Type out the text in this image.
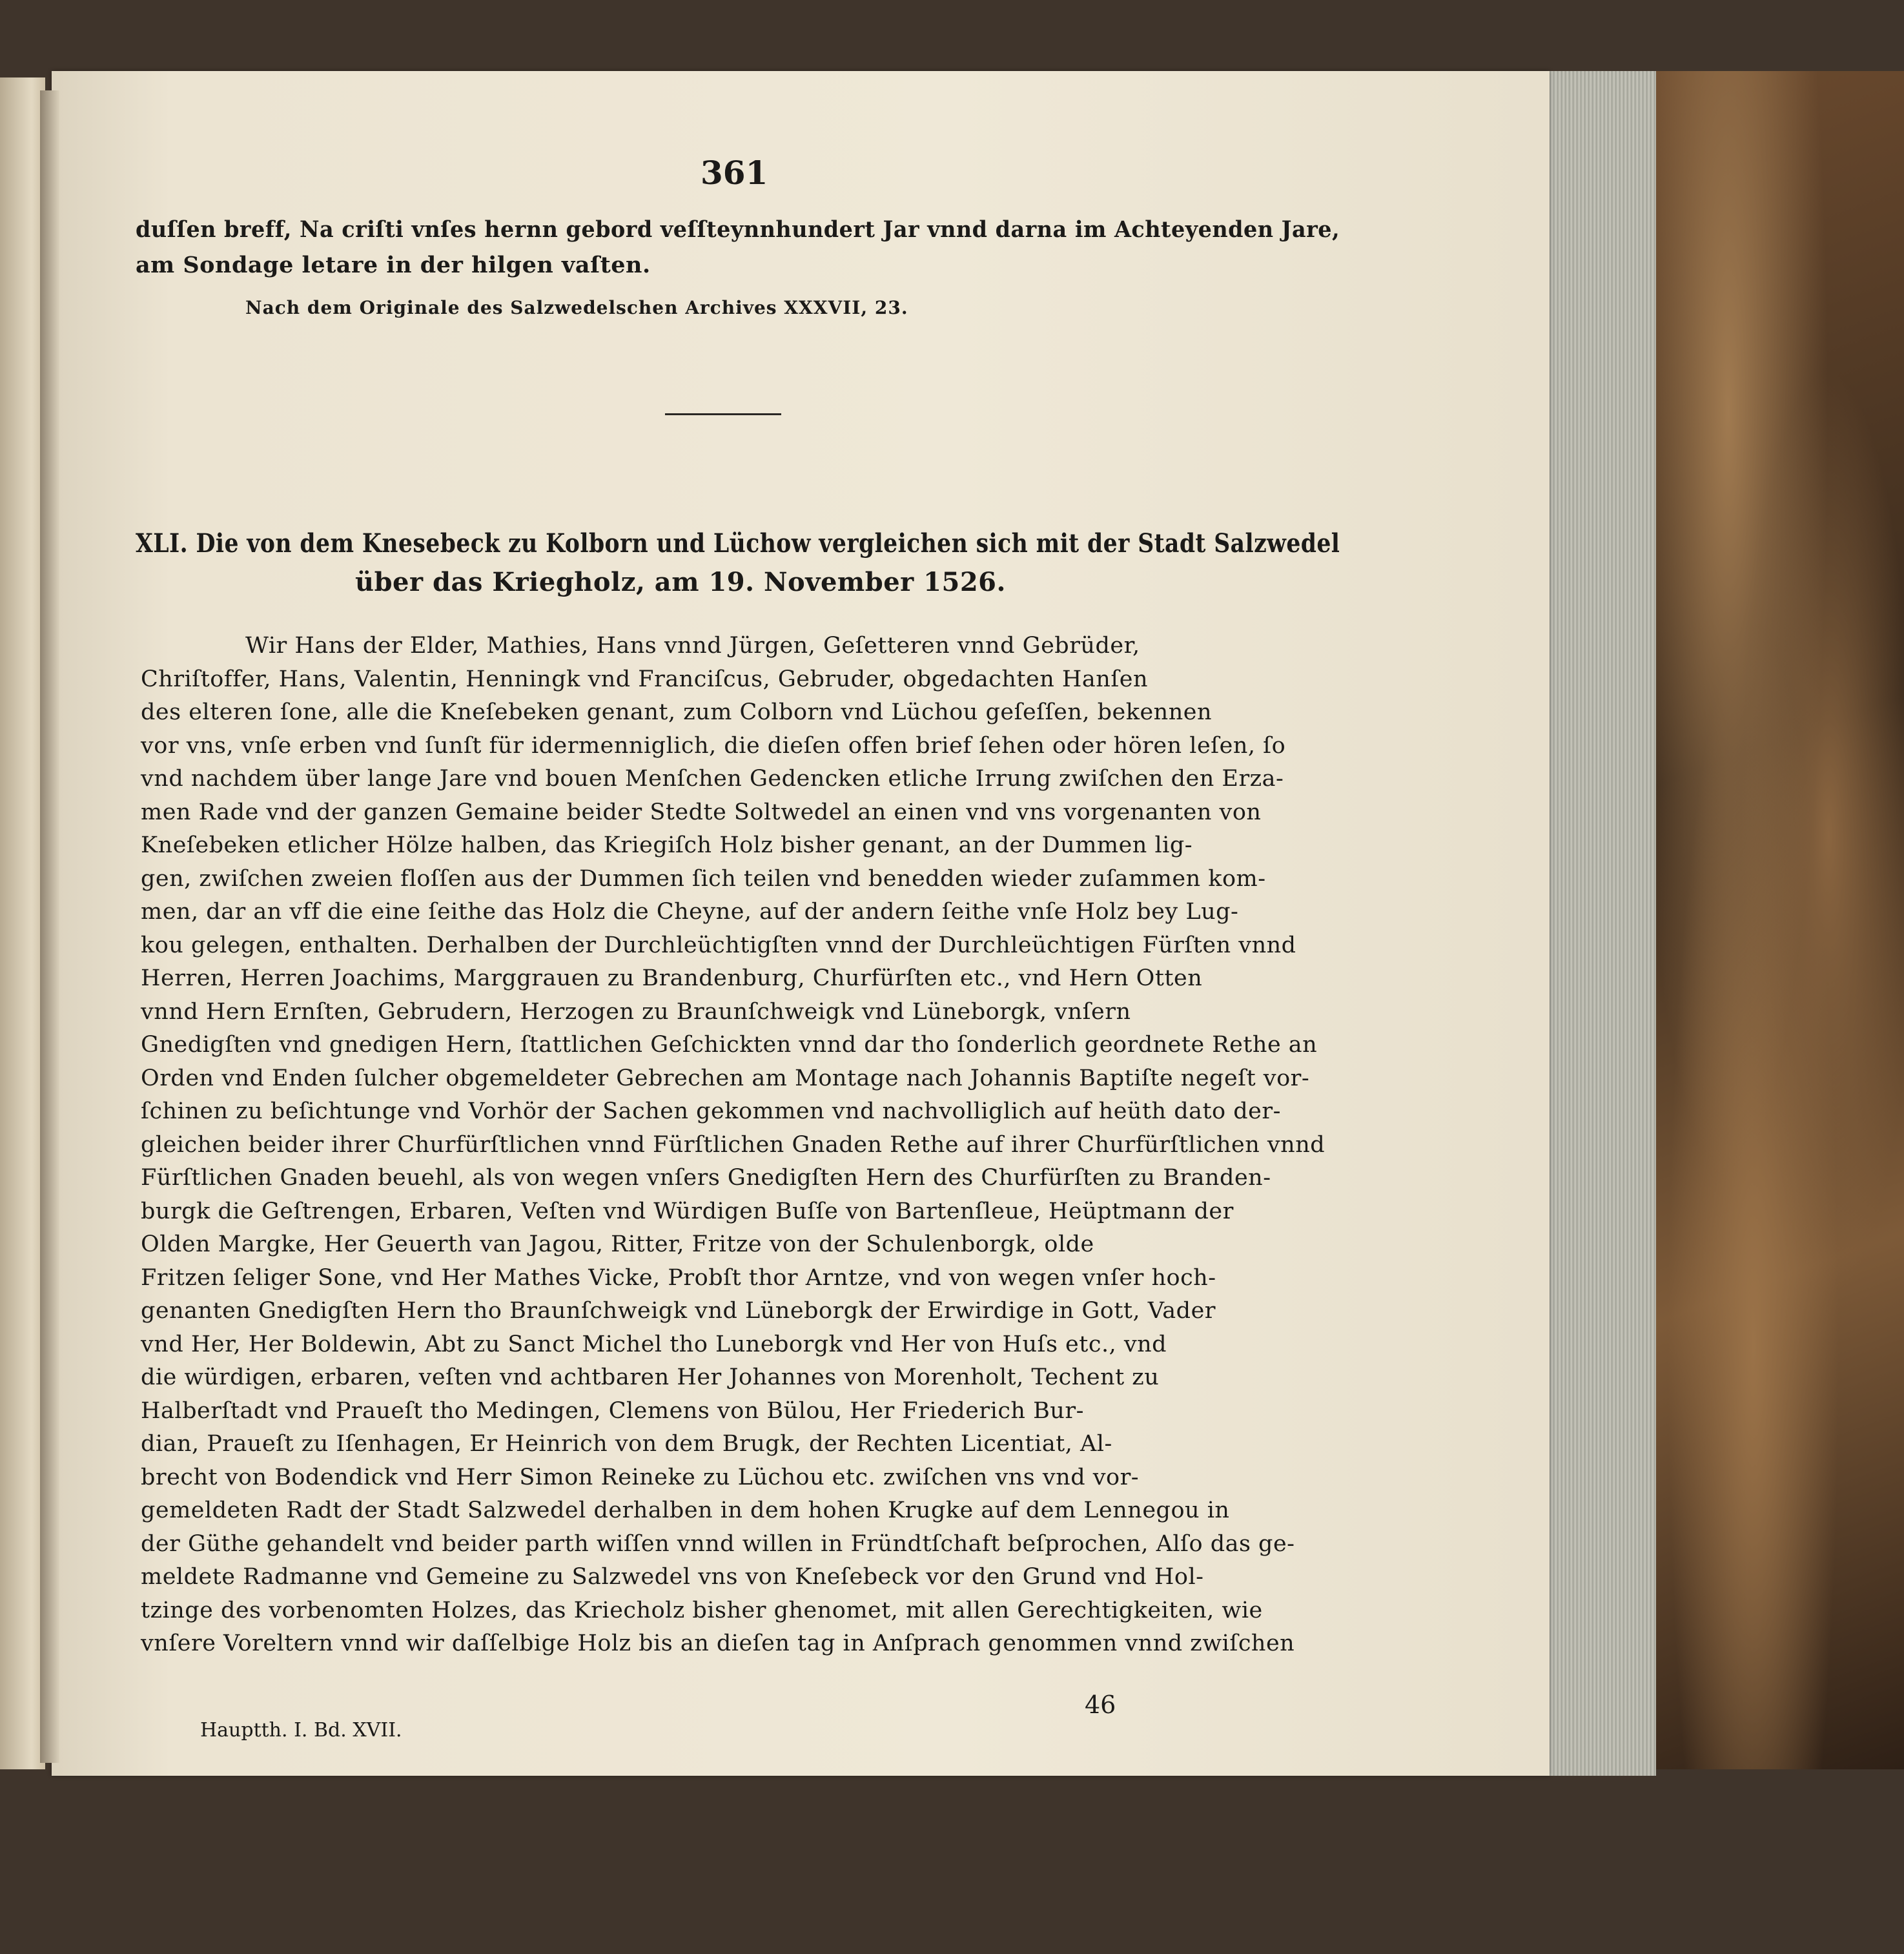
361
duſſen breff, Na criſti vnſes hernn gebord veſſteynnhundert Jar vnnd darna im Achteyenden Jare,
am Sondage letare in der hilgen vaſten.
Nach dem Originale des Salzwedelschen Archives XXXVII, 23.
XLI. Die von dem Knesebeck zu Kolborn und Lüchow vergleichen sich mit der Stadt Salzwedel
über das Kriegholz, am 19. November 1526.
Wir Hans der Elder, Mathies, Hans vnnd Jürgen, Geſetteren vnnd Gebrüder,
Chriſtoffer, Hans, Valentin, Henningk vnd Franciſcus, Gebruder, obgedachten Hanſen
des elteren ſone, alle die Kneſebeken genant, zum Colborn vnd Lüchou geſeſſen, bekennen
vor vns, vnſe erben vnd ſunſt für idermenniglich, die dieſen offen brief ſehen oder hören leſen, ſo
vnd nachdem über lange Jare vnd bouen Menſchen Gedencken etliche Irrung zwiſchen den Erza-
men Rade vnd der ganzen Gemaine beider Stedte Soltwedel an einen vnd vns vorgenanten von
Kneſebeken etlicher Hölze halben, das Kriegiſch Holz bisher genant, an der Dummen lig-
gen, zwiſchen zweien floſſen aus der Dummen ſich teilen vnd benedden wieder zuſammen kom-
men, dar an vff die eine ſeithe das Holz die Cheyne, auf der andern ſeithe vnſe Holz bey Lug-
kou gelegen, enthalten. Derhalben der Durchleüchtigſten vnnd der Durchleüchtigen Fürſten vnnd
Herren, Herren Joachims, Marggrauen zu Brandenburg, Churfürſten etc., vnd Hern Otten
vnnd Hern Ernſten, Gebrudern, Herzogen zu Braunſchweigk vnd Lüneborgk, vnſern
Gnedigſten vnd gnedigen Hern, ſtattlichen Geſchickten vnnd dar tho ſonderlich geordnete Rethe an
Orden vnd Enden ſulcher obgemeldeter Gebrechen am Montage nach Johannis Baptiſte negeſt vor-
ſchinen zu beſichtunge vnd Vorhör der Sachen gekommen vnd nachvolliglich auf heüth dato der-
gleichen beider ihrer Churfürſtlichen vnnd Fürſtlichen Gnaden Rethe auf ihrer Churfürſtlichen vnnd
Fürſtlichen Gnaden beuehl, als von wegen vnſers Gnedigſten Hern des Churfürſten zu Branden-
burgk die Geſtrengen, Erbaren, Veſten vnd Würdigen Buſſe von Bartenſleue, Heüptmann der
Olden Margke, Her Geuerth van Jagou, Ritter, Fritze von der Schulenborgk, olde
Fritzen ſeliger Sone, vnd Her Mathes Vicke, Probſt thor Arntze, vnd von wegen vnſer hoch-
genanten Gnedigſten Hern tho Braunſchweigk vnd Lüneborgk der Erwirdige in Gott, Vader
vnd Her, Her Boldewin, Abt zu Sanct Michel tho Luneborgk vnd Her von Huſs etc., vnd
die würdigen, erbaren, veſten vnd achtbaren Her Johannes von Morenholt, Techent zu
Halberſtadt vnd Praueſt tho Medingen, Clemens von Bülou, Her Friederich Bur-
dian, Praueſt zu Iſenhagen, Er Heinrich von dem Brugk, der Rechten Licentiat, Al-
brecht von Bodendick vnd Herr Simon Reineke zu Lüchou etc. zwiſchen vns vnd vor-
gemeldeten Radt der Stadt Salzwedel derhalben in dem hohen Krugke auf dem Lennegou in
der Güthe gehandelt vnd beider parth wiſſen vnnd willen in Fründtſchaft beſprochen, Alſo das ge-
meldete Radmanne vnd Gemeine zu Salzwedel vns von Kneſebeck vor den Grund vnd Hol-
tzinge des vorbenomten Holzes, das Kriecholz bisher ghenomet, mit allen Gerechtigkeiten, wie
vnſere Voreltern vnnd wir daſſelbige Holz bis an dieſen tag in Anſprach genommen vnnd zwiſchen
46
Hauptth. I. Bd. XVII.
